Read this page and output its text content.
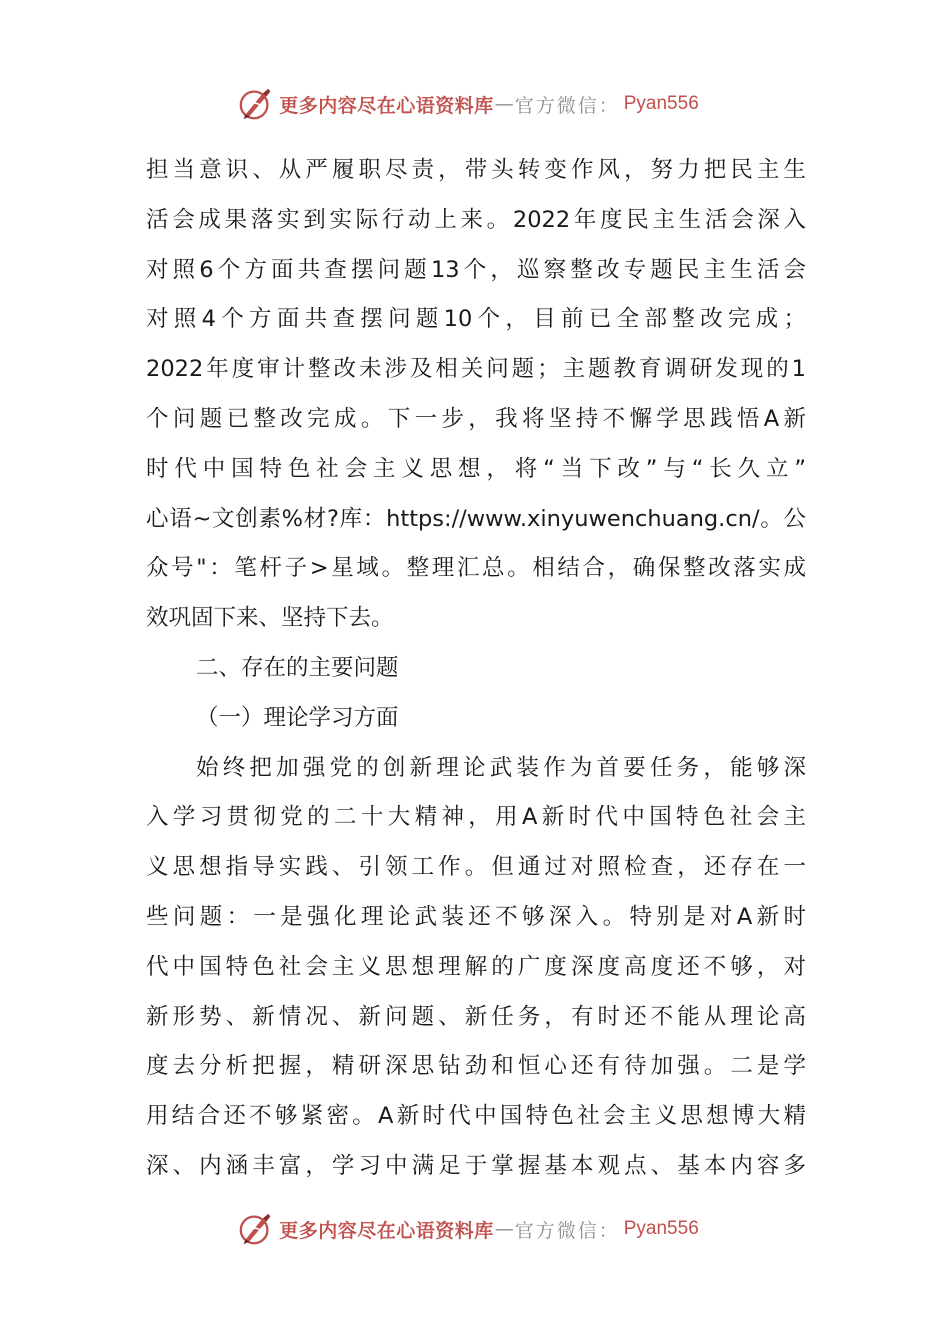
更多内容尽在心语资料库 — 官方微信： Pyan556
担当意识、从严履职尽责，带头转变作风，努力把民主生
活会成果落实到实际行动上来。2022年度民主生活会深入
对照6个方面共查摆问题13个，巡察整改专题民主生活会
对照4个方面共查摆问题10个，目前已全部整改完成；
2022年度审计整改未涉及相关问题；主题教育调研发现的1
个问题已整改完成。下一步，我将坚持不懈学思践悟A新
时代中国特色社会主义思想，将“当下改”与“长久立”
心语~文创素%材?库：https://www.xinyuwenchuang.cn/。公
众号"：笔杆子>星域。整理汇总。相结合，确保整改落实成
效巩固下来、坚持下去。
二、存在的主要问题
（一）理论学习方面
始终把加强党的创新理论武装作为首要任务，能够深
入学习贯彻党的二十大精神，用A新时代中国特色社会主
义思想指导实践、引领工作。但通过对照检查，还存在一
些问题：一是强化理论武装还不够深入。特别是对A新时
代中国特色社会主义思想理解的广度深度高度还不够，对
新形势、新情况、新问题、新任务，有时还不能从理论高
度去分析把握，精研深思钻劲和恒心还有待加强。二是学
用结合还不够紧密。A新时代中国特色社会主义思想博大精
深、内涵丰富，学习中满足于掌握基本观点、基本内容多
更多内容尽在心语资料库 — 官方微信： Pyan556
